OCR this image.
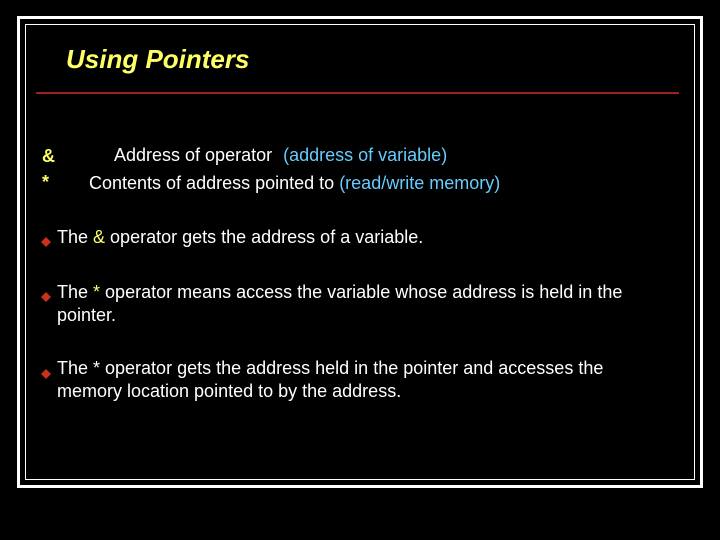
Using Pointers
&	Address of operator (address of variable)
* Contents of address pointed to (read/write memory)
The & operator gets the address of a variable.
The * operator means access the variable whose address is held in the pointer.
The * operator gets the address held in the pointer and accesses the memory location pointed to by the address.
